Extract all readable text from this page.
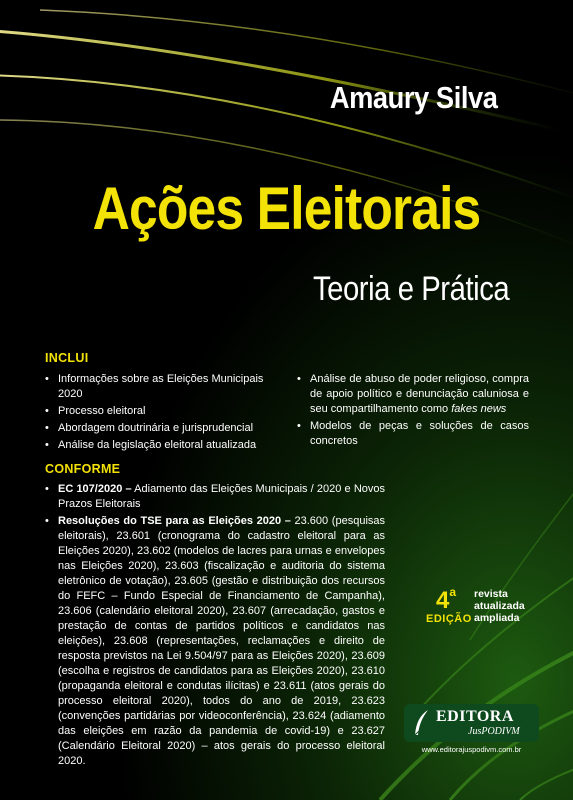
Amaury Silva
Ações Eleitorais
Teoria e Prática
INCLUI
• Informações sobre as Eleições Municipais 2020
• Processo eleitoral
• Abordagem doutrinária e jurisprudencial
• Análise da legislação eleitoral atualizada
• Análise de abuso de poder religioso, compra de apoio político e denunciação caluniosa e seu compartilhamento como fakes news
• Modelos de peças e soluções de casos concretos
CONFORME
• EC 107/2020 – Adiamento das Eleições Municipais / 2020 e Novos Prazos Eleitorais
• Resoluções do TSE para as Eleições 2020 – 23.600 (pesquisas eleitorais), 23.601 (cronograma do cadastro eleitoral para as Eleições 2020), 23.602 (modelos de lacres para urnas e envelopes nas Eleições 2020), 23.603 (fiscalização e auditoria do sistema eletrônico de votação), 23.605 (gestão e distribuição dos recursos do FEFC – Fundo Especial de Financiamento de Campanha), 23.606 (calendário eleitoral 2020), 23.607 (arrecadação, gastos e prestação de contas de partidos políticos e candidatos nas eleições), 23.608 (representações, reclamações e direito de resposta previstos na Lei 9.504/97 para as Eleições 2020), 23.609 (escolha e registros de candidatos para as Eleições 2020), 23.610 (propaganda eleitoral e condutas ilícitas) e 23.611 (atos gerais do processo eleitoral 2020), todos do ano de 2019, 23.623 (convenções partidárias por videoconferência), 23.624 (adiamento das eleições em razão da pandemia de covid-19) e 23.627 (Calendário Eleitoral 2020) – atos gerais do processo eleitoral 2020.
4$^a$
EDIÇÃO
revista
atualizada
ampliada
EDITORA
JusPODIVM
www.editorajuspodivm.com.br
